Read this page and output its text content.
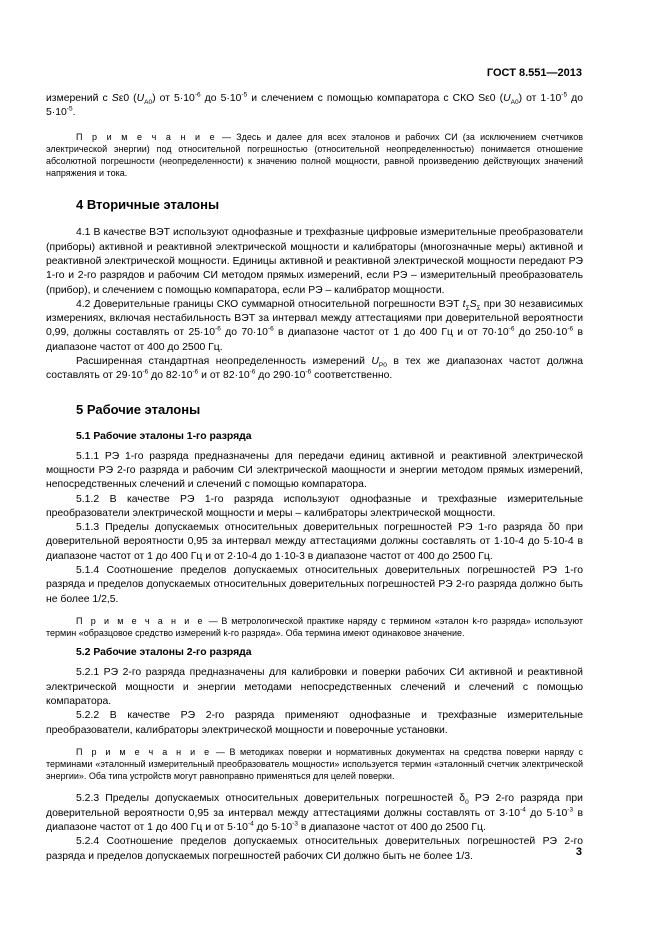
ГОСТ 8.551—2013

измерений с Sε0 $(U_{A0})$ от $5\cdot 10^{-6}$ до $5\cdot 10^{-5}$ и слечением с помощью компаратора с СКО Sε0 $(U_{A0})$ от $1\cdot 10^{-5}$ до $5\cdot 10^{-5}$.

П р и м е ч а н и е — Здесь и далее для всех эталонов и рабочих СИ (за исключением счетчиков электрической энергии) под относительной погрешностью (относительной неопределенностью) понимается отношение абсолютной погрешности (неопределенности) к значению полной мощности, равной произведению действующих значений напряжения и тока.

4 Вторичные эталоны

4.1 В качестве ВЭТ используют однофазные и трехфазные цифровые измерительные преобразователи (приборы) активной и реактивной электрической мощности и калибраторы (многозначные меры) активной и реактивной электрической мощности. Единицы активной и реактивной электрической мощности передают РЭ 1-го и 2-го разрядов и рабочим СИ методом прямых измерений, если РЭ – измерительный преобразователь (прибор), и слечением с помощью компаратора, если РЭ – калибратор мощности.

4.2 Доверительные границы СКО суммарной относительной погрешности ВЭТ $t_\Sigma S_\Sigma$ при 30 независимых измерениях, включая нестабильность ВЭТ за интервал между аттестациями при доверительной вероятности 0,99, должны составлять от $25\cdot 10^{-6}$ до $70\cdot 10^{-6}$ в диапазоне частот от 1 до 400 Гц и от $70\cdot 10^{-6}$ до $250\cdot 10^{-6}$ в диапазоне частот от 400 до 2500 Гц.

Расширенная стандартная неопределенность измерений $U_{P0}$ в тех же диапазонах частот должна составлять от $29\cdot 10^{-6}$ до $82\cdot 10^{-6}$ и от $82\cdot 10^{-6}$ до $290\cdot 10^{-6}$ соответственно.

5 Рабочие эталоны
5.1 Рабочие эталоны 1-го разряда

5.1.1 РЭ 1-го разряда предназначены для передачи единиц активной и реактивной электрической мощности РЭ 2-го разряда и рабочим СИ электрической маощности и энергии методом прямых измерений, непосредственных слечений и слечений с помощью компаратора.

5.1.2 В качестве РЭ 1-го разряда используют однофазные и трехфазные измерительные преобразователи электрической мощности и меры – калибраторы электрической мощности.

5.1.3 Пределы допускаемых относительных доверительных погрешностей РЭ 1-го разряда δ0 при доверительной вероятности 0,95 за интервал между аттестациями должны составлять от 1·10-4 до 5·10-4 в диапазоне частот от 1 до 400 Гц и от 2·10-4 до 1·10-3 в диапазоне частот от 400 до 2500 Гц.

5.1.4 Соотношение пределов допускаемых относительных доверительных погрешностей РЭ 1-го разряда и пределов допускаемых относительных доверительных погрешностей РЭ 2-го разряда должно быть не более 1/2,5.

П р и м е ч а н и е — В метрологической практике наряду с термином «эталон k-го разряда» используют термин «образцовое средство измерений k-го разряда». Оба термина имеют одинаковое значение.

5.2 Рабочие эталоны 2-го разряда

5.2.1 РЭ 2-го разряда предназначены для калибровки и поверки рабочих СИ активной и реактивной электрической мощности и энергии методами непосредственных слечений и слечений с помощью компаратора.

5.2.2 В качестве РЭ 2-го разряда применяют однофазные и трехфазные измерительные преобразователи, калибраторы электрической мощности и поверочные установки.

П р и м е ч а н и е — В методиках поверки и нормативных документах на средства поверки наряду с терминами «эталонный измерительный преобразователь мощности» используется термин «эталонный счетчик электрической энергии». Оба типа устройств могут равноправно применяться для целей поверки.

5.2.3 Пределы допускаемых относительных доверительных погрешностей $\delta_0$ РЭ 2-го разряда при доверительной вероятности 0,95 за интервал между аттестациями должны составлять от $3\cdot 10^{-4}$ до $5\cdot 10^{-3}$ в диапазоне частот от 1 до 400 Гц и от $5\cdot 10^{-4}$ до $5\cdot 10^{-3}$ в диапазоне частот от 400 до 2500 Гц.

5.2.4 Соотношение пределов допускаемых относительных доверительных погрешностей РЭ 2-го разряда и пределов допускаемых погрешностей рабочих СИ должно быть не более 1/3.	3
